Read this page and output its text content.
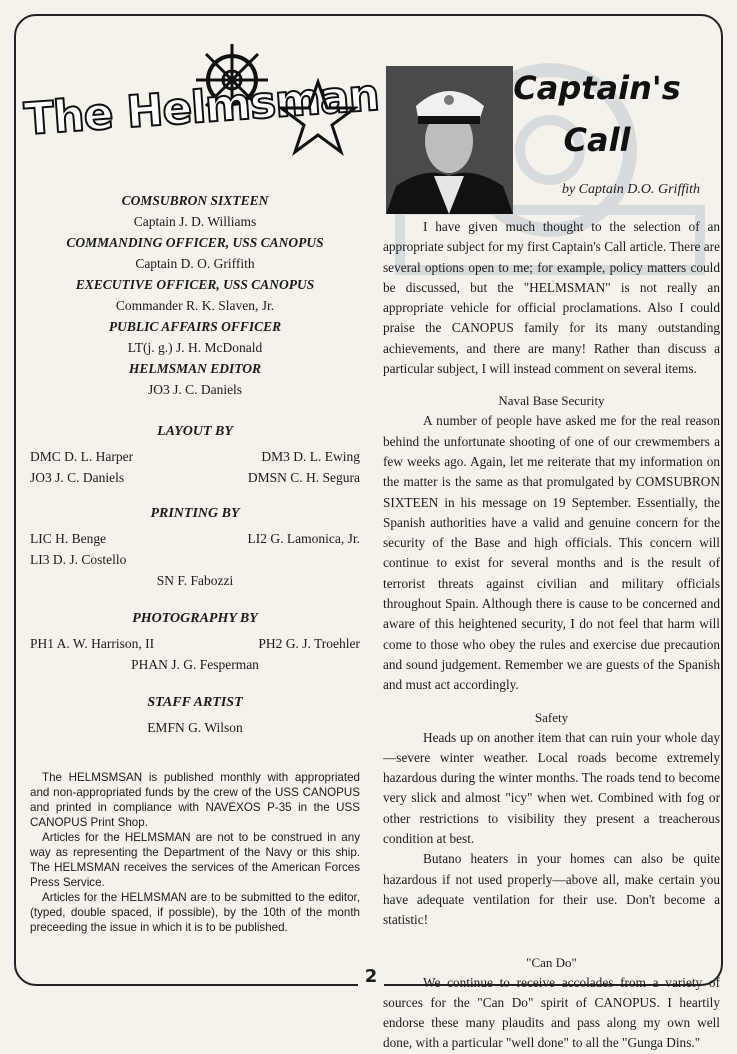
The Helmsman
COMSUBRON SIXTEEN
Captain J. D. Williams
COMMANDING OFFICER, USS CANOPUS
Captain D. O. Griffith
EXECUTIVE OFFICER, USS CANOPUS
Commander R. K. Slaven, Jr.
PUBLIC AFFAIRS OFFICER
LT(j. g.) J. H. McDonald
HELMSMAN EDITOR
JO3 J. C. Daniels
LAYOUT BY
DMC D. L. Harper	DM3 D. L. Ewing
JO3 J. C. Daniels	DMSN C. H. Segura
PRINTING BY
LIC H. Benge	LI2 G. Lamonica, Jr.
LI3 D. J. Costello
SN F. Fabozzi
PHOTOGRAPHY BY
PH1 A. W. Harrison, II	PH2 G. J. Troehler
PHAN J. G. Fesperman
STAFF ARTIST
EMFN G. Wilson

The HELMSMSAN is published monthly with appropriated and non-appropriated funds by the crew of the USS CANOPUS and printed in compliance with NAVEXOS P-35 in the USS CANOPUS Print Shop.

Articles for the HELMSMAN are not to be construed in any way as representing the Department of the Navy or this ship. The HELMSMAN receives the services of the American Forces Press Service.

Articles for the HELMSMAN are to be submitted to the editor, (typed, double spaced, if possible), by the 10th of the month preceeding the issue in which it is to be published.

Captain's
Call
by Captain D.O. Griffith

I have given much thought to the selection of an appropriate subject for my first Captain's Call article. There are several options open to me; for example, policy matters could be discussed, but the "HELMSMAN" is not really an appropriate vehicle for official proclamations. Also I could praise the CANOPUS family for its many outstanding achievements, and there are many! Rather than discuss a particular subject, I will instead comment on several items.

Naval Base Security

A number of people have asked me for the real reason behind the unfortunate shooting of one of our crewmembers a few weeks ago. Again, let me reiterate that my information on the matter is the same as that promulgated by COMSUBRON SIXTEEN in his message on 19 September. Essentially, the Spanish authorities have a valid and genuine concern for the security of the Base and high officials. This concern will continue to exist for several months and is the result of terrorist threats against civilian and military officials throughout Spain. Although there is cause to be concerned and aware of this heightened security, I do not feel that harm will come to those who obey the rules and exercise due precaution and sound judgement. Remember we are guests of the Spanish and must act accordingly.

Safety

Heads up on another item that can ruin your whole day—severe winter weather. Local roads become extremely hazardous during the winter months. The roads tend to become very slick and almost "icy" when wet. Combined with fog or other restrictions to visibility they present a treacherous condition at best.

Butano heaters in your homes can also be quite hazardous if not used properly—above all, make certain you have adequate ventilation for their use. Don't become a statistic!

"Can Do"

We continue to receive accolades from a variety of sources for the "Can Do" spirit of CANOPUS. I heartily endorse these many plaudits and pass along my own well done, with a particular "well done" to all the "Gunga Dins."

2
